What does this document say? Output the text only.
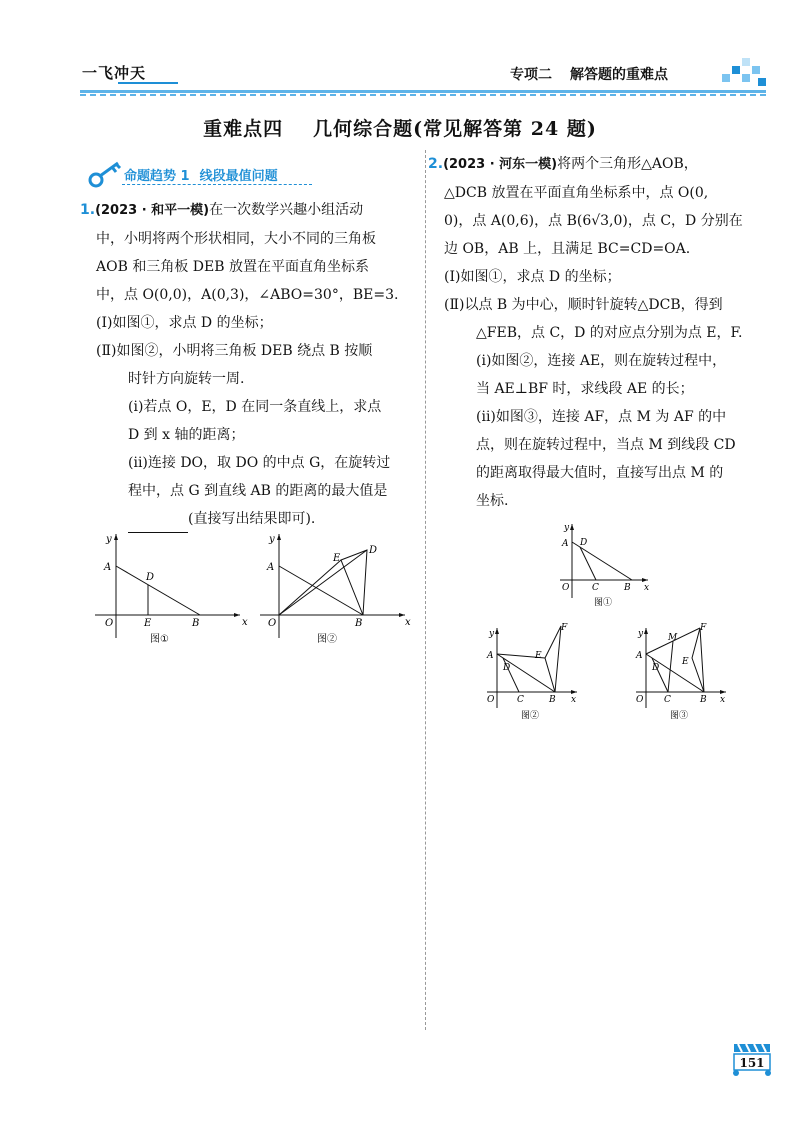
一飞冲天	专项二 解答题的重难点
重难点四 几何综合题(常见解答第 24 题)
命题趋势 1 线段最值问题
1.(2023 · 和平一模)在一次数学兴趣小组活动
中，小明将两个形状相同，大小不同的三角板
AOB 和三角板 DEB 放置在平面直角坐标系
中，点 O(0,0)，A(0,3)，∠ABO=30°，BE=3.
(Ⅰ)如图①，求点 D 的坐标；
(Ⅱ)如图②，小明将三角板 DEB 绕点 B 按顺
时针方向旋转一周.
(ⅰ)若点 O，E，D 在同一条直线上，求点
D 到 x 轴的距离；
(ⅱ)连接 DO，取 DO 的中点 G，在旋转过
程中，点 G 到直线 AB 的距离的最大值是
(直接写出结果即可).
y
x
A
D
E	B
O
图①
y
x
A
E
D
B
O
图②
2.(2023 · 河东一模)将两个三角形△AOB，
△DCB 放置在平面直角坐标系中，点 O(0,
0)，点 A(0,6)，点 B(6√3,0)，点 C，D 分别在
边 OB，AB 上，且满足 BC=CD=OA.
(Ⅰ)如图①，求点 D 的坐标；
(Ⅱ)以点 B 为中心，顺时针旋转△DCB，得到
△FEB，点 C，D 的对应点分别为点 E，F.
(ⅰ)如图②，连接 AE，则在旋转过程中，
当 AE⊥BF 时，求线段 AE 的长；
(ⅱ)如图③，连接 AF，点 M 为 AF 的中
点，则在旋转过程中，当点 M 到线段 CD
的距离取得最大值时，直接写出点 M 的
坐标.
y
x
A D
C	B
O
图①
y
x
A
D
E
F
C	B
O
图②
y
x
A
M
D
E
F
C	B
O
图③
151
